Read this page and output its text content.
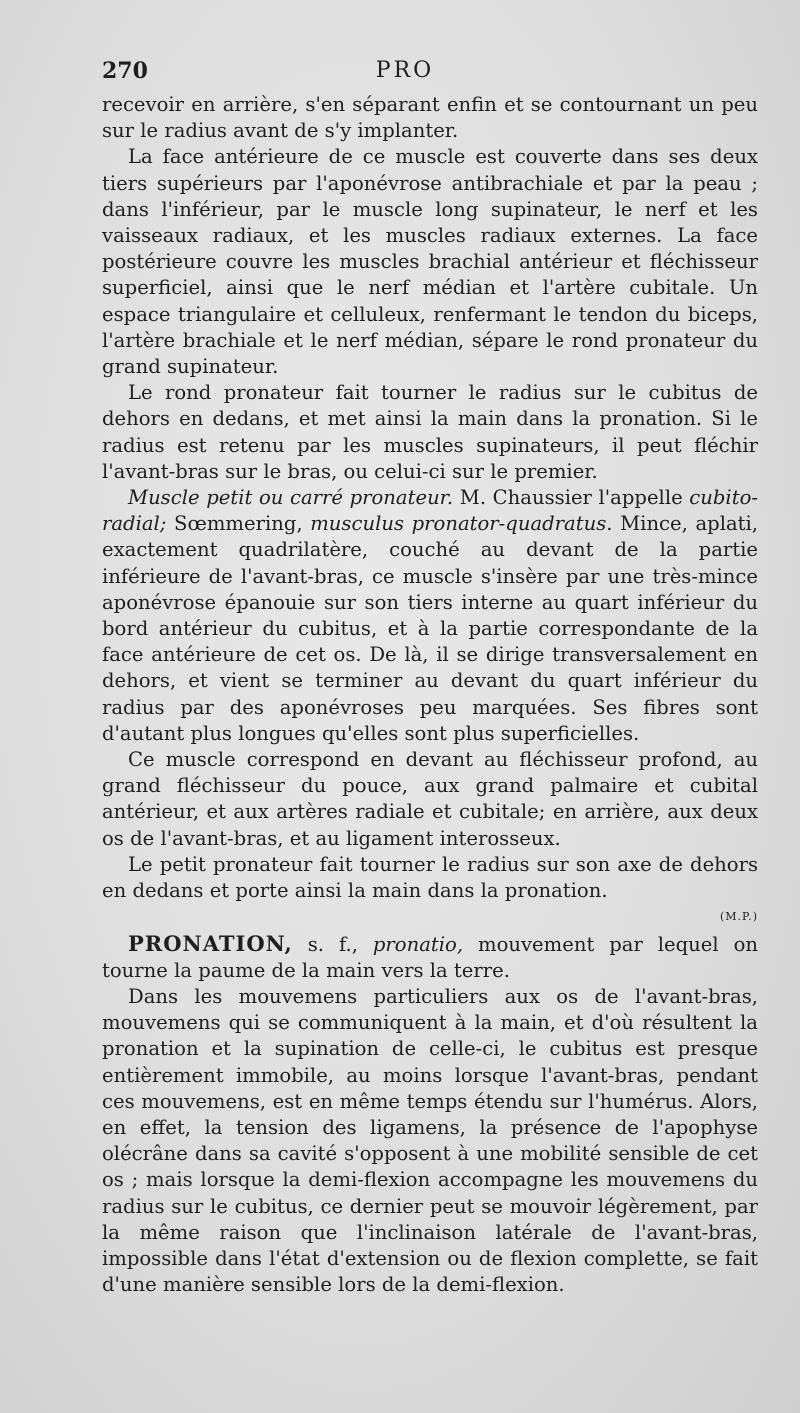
270	PRO

recevoir en arrière, s'en séparant enfin et se contournant un peu sur le radius avant de s'y implanter.

La face antérieure de ce muscle est couverte dans ses deux tiers supérieurs par l'aponévrose antibrachiale et par la peau ; dans l'inférieur, par le muscle long supinateur, le nerf et les vaisseaux radiaux, et les muscles radiaux externes. La face postérieure couvre les muscles brachial antérieur et fléchisseur superficiel, ainsi que le nerf médian et l'artère cubitale. Un espace triangulaire et celluleux, renfermant le tendon du biceps, l'artère brachiale et le nerf médian, sépare le rond pronateur du grand supinateur.

Le rond pronateur fait tourner le radius sur le cubitus de dehors en dedans, et met ainsi la main dans la pronation. Si le radius est retenu par les muscles supinateurs, il peut fléchir l'avant-bras sur le bras, ou celui-ci sur le premier.

Muscle petit ou carré pronateur. M. Chaussier l'appelle cubito-radial; Sœmmering, musculus pronator-quadratus. Mince, aplati, exactement quadrilatère, couché au devant de la partie inférieure de l'avant-bras, ce muscle s'insère par une très-mince aponévrose épanouie sur son tiers interne au quart inférieur du bord antérieur du cubitus, et à la partie correspondante de la face antérieure de cet os. De là, il se dirige transversalement en dehors, et vient se terminer au devant du quart inférieur du radius par des aponévroses peu marquées. Ses fibres sont d'autant plus longues qu'elles sont plus superficielles.

Ce muscle correspond en devant au fléchisseur profond, au grand fléchisseur du pouce, aux grand palmaire et cubital antérieur, et aux artères radiale et cubitale; en arrière, aux deux os de l'avant-bras, et au ligament interosseux.

Le petit pronateur fait tourner le radius sur son axe de dehors en dedans et porte ainsi la main dans la pronation.

(M.P.)

PRONATION, s. f., pronatio, mouvement par lequel on tourne la paume de la main vers la terre.

Dans les mouvemens particuliers aux os de l'avant-bras, mouvemens qui se communiquent à la main, et d'où résultent la pronation et la supination de celle-ci, le cubitus est presque entièrement immobile, au moins lorsque l'avant-bras, pendant ces mouvemens, est en même temps étendu sur l'humérus. Alors, en effet, la tension des ligamens, la présence de l'apophyse olécrâne dans sa cavité s'opposent à une mobilité sensible de cet os ; mais lorsque la demi-flexion accompagne les mouvemens du radius sur le cubitus, ce dernier peut se mouvoir légèrement, par la même raison que l'inclinaison latérale de l'avant-bras, impossible dans l'état d'extension ou de flexion complette, se fait d'une manière sensible lors de la demi-flexion.
